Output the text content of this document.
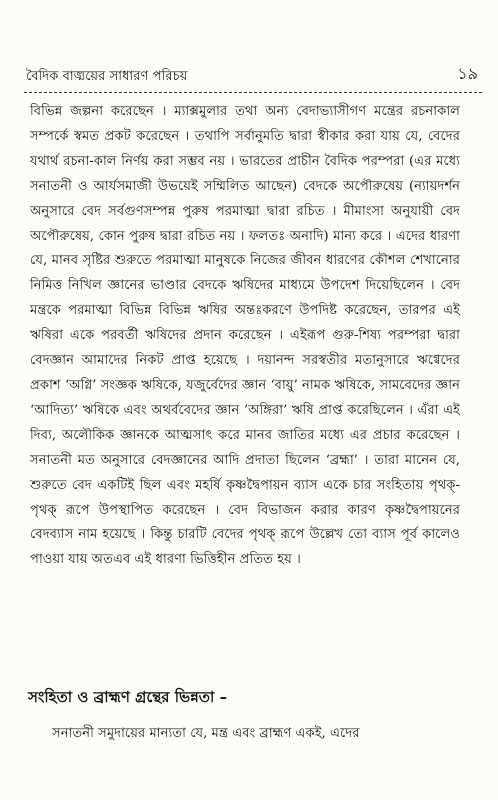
বৈদিক বাঙ্ময়ের সাধারণ পরিচয়	১৯

বিভিন্ন জল্পনা করেছেন । ম্যাক্সমুলার তথা অন্য বেদাভ্যাসীগণ মন্ত্রের রচনাকাল সম্পর্কে স্বমত প্রকট করেছেন । তথাপি সর্বানুমতি দ্বারা স্বীকার করা যায় যে, বেদের যথার্থ রচনা-কাল নির্ণয় করা সম্ভব নয় । ভারতের প্রাচীন বৈদিক পরম্পরা (এর মধ্যে সনাতনী ও আর্যসমাজী উভয়েই সম্মিলিত আছেন) বেদকে অপৌরুষেয় (ন্যায়দর্শন অনুসারে বেদ সর্বগুণসম্পন্ন পুরুষ পরমাত্মা দ্বারা রচিত । মীমাংসা অনুযায়ী বেদ অপৌরুষেয়, কোন পুরুষ দ্বারা রচিত নয় । ফলতঃ অনাদি) মান্য করে । এদের ধারণা যে, মানব সৃষ্টির শুরুতে পরমাত্মা মানুষকে নিজের জীবন ধারণের কৌশল শেখানোর নিমিত্ত নিখিল জ্ঞানের ভাণ্ডার বেদকে ঋষিদের মাধ্যমে উপদেশ দিয়েছিলেন । বেদ মন্ত্রকে পরমাত্মা বিভিন্ন বিভিন্ন ঋষির অন্তঃকরণে উপদিষ্ট করেছেন, তারপর এই ঋষিরা একে পরবর্তী ঋষিদের প্রদান করেছেন । এইরূপ গুরু-শিষ্য পরম্পরা দ্বারা বেদজ্ঞান আমাদের নিকট প্রাপ্ত হয়েছে । দয়ানন্দ সরস্বতীর মতানুসারে ঋগ্বেদের প্রকাশ ‘অগ্নি’ সংজ্ঞক ঋষিকে, যজুর্বেদের জ্ঞান ‘বায়ু’ নামক ঋষিকে, সামবেদের জ্ঞান ‘আদিত্য’ ঋষিকে এবং অথর্ববেদের জ্ঞান ‘অঙ্গিরা’ ঋষি প্রাপ্ত করেছিলেন । এঁরা এই দিব্য, অলৌকিক জ্ঞানকে আত্মসাৎ করে মানব জাতির মধ্যে এর প্রচার করেছেন । সনাতনী মত অনুসারে বেদজ্ঞানের আদি প্রদাতা ছিলেন ‘ব্রহ্মা’ । তারা মানেন যে, শুরুতে বেদ একটিই ছিল এবং মহর্ষি কৃষ্ণদ্বৈপায়ন ব্যাস একে চার সংহিতায় পৃথক্-পৃথক্ রূপে উপস্থাপিত করেছেন । বেদ বিভাজন করার কারণ কৃষ্ণদ্বৈপায়নের বেদব্যাস নাম হয়েছে । কিন্তু চারটি বেদের পৃথক্ রূপে উল্লেখ তো ব্যাস পূর্ব কালেও পাওয়া যায় অতএব এই ধারণা ভিত্তিহীন প্রতিত হয় ।

সংহিতা ও ব্রাহ্মণ গ্রন্থের ভিন্নতা –

সনাতনী সমুদায়ের মান্যতা যে, মন্ত্র এবং ব্রাহ্মণ একই, এদের
